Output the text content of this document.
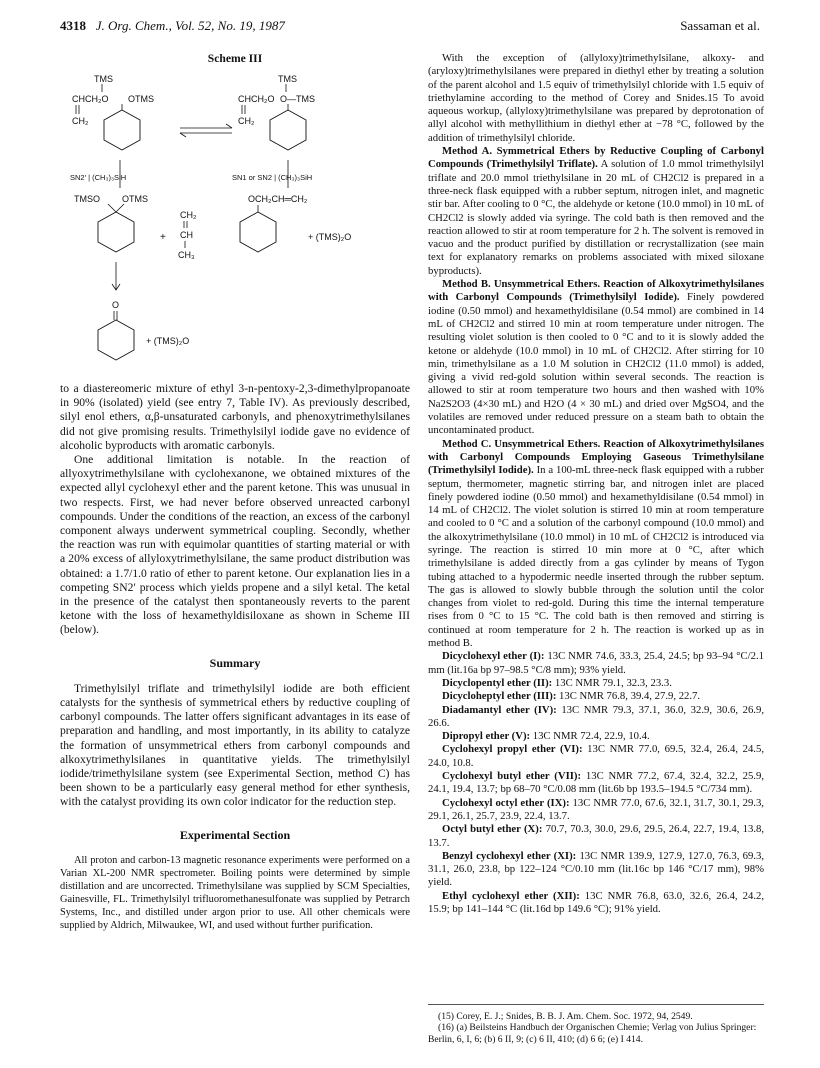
4318 J. Org. Chem., Vol. 52, No. 19, 1987	Sassaman et al.
Scheme III
TMS
CHCH₂O OTMS
CH₂
TMS
CHCH₂O O—TMS
CH₂
SN2′ | (CH₃)₃SiH	SN1 or SN2 | (CH₃)₃SiH
TMSO OTMS
CH₂
+ CH
CH₃
OCH₂CH═CH₂
+ (TMS)₂O
O
+ (TMS)₂O

to a diastereomeric mixture of ethyl 3-n-pentoxy-2,3-dimethylpropanoate in 90% (isolated) yield (see entry 7, Table IV). As previously described, silyl enol ethers, α,β-unsaturated carbonyls, and phenoxytrimethylsilanes did not give promising results. Trimethylsilyl iodide gave no evidence of alcoholic byproducts with aromatic carbonyls.

One additional limitation is notable. In the reaction of allyoxytrimethylsilane with cyclohexanone, we obtained mixtures of the expected allyl cyclohexyl ether and the parent ketone. This was unusual in two respects. First, we had never before observed unreacted carbonyl compounds. Under the conditions of the reaction, an excess of the carbonyl component always underwent symmetrical coupling. Secondly, whether the reaction was run with equimolar quantities of starting material or with a 20% excess of allyloxytrimethylsilane, the same product distribution was obtained: a 1.7/1.0 ratio of ether to parent ketone. Our explanation lies in a competing SN2′ process which yields propene and a silyl ketal. The ketal in the presence of the catalyst then spontaneously reverts to the parent ketone with the loss of hexamethyldisiloxane as shown in Scheme III (below).

Summary

Trimethylsilyl triflate and trimethylsilyl iodide are both efficient catalysts for the synthesis of symmetrical ethers by reductive coupling of carbonyl compounds. The latter offers significant advantages in its ease of preparation and handling, and most importantly, in its ability to catalyze the formation of unsymmetrical ethers from carbonyl compounds and alkoxytrimethylsilanes in quantitative yields. The trimethylsilyl iodide/trimethylsilane system (see Experimental Section, method C) has been shown to be a particularly easy general method for ether synthesis, with the catalyst providing its own color indicator for the reduction step.

Experimental Section

All proton and carbon-13 magnetic resonance experiments were performed on a Varian XL-200 NMR spectrometer. Boiling points were determined by simple distillation and are uncorrected. Trimethylsilane was supplied by SCM Specialties, Gainesville, FL. Trimethylsilyl trifluoromethanesulfonate was supplied by Petrarch Systems, Inc., and distilled under argon prior to use. All other chemicals were supplied by Aldrich, Milwaukee, WI, and used without further purification.

With the exception of (allyloxy)trimethylsilane, alkoxy- and (aryloxy)trimethylsilanes were prepared in diethyl ether by treating a solution of the parent alcohol and 1.5 equiv of trimethylsilyl chloride with 1.5 equiv of triethylamine according to the method of Corey and Snides.15 To avoid aqueous workup, (allyloxy)trimethylsilane was prepared by deprotonation of allyl alcohol with methyllithium in diethyl ether at −78 °C, followed by the addition of trimethylsilyl chloride.

Method A. Symmetrical Ethers by Reductive Coupling of Carbonyl Compounds (Trimethylsilyl Triflate). A solution of 1.0 mmol trimethylsilyl triflate and 20.0 mmol triethylsilane in 20 mL of CH2Cl2 is prepared in a three-neck flask equipped with a rubber septum, nitrogen inlet, and magnetic stir bar. After cooling to 0 °C, the aldehyde or ketone (10.0 mmol) in 10 mL of CH2Cl2 is slowly added via syringe. The cold bath is then removed and the reaction allowed to stir at room temperature for 2 h. The solvent is removed in vacuo and the product purified by distillation or recrystallization (see main text for explanatory remarks on problems associated with mixed siloxane byproducts).

Method B. Unsymmetrical Ethers. Reaction of Alkoxytrimethylsilanes with Carbonyl Compounds (Trimethylsilyl Iodide). Finely powdered iodine (0.50 mmol) and hexamethyldisilane (0.54 mmol) are combined in 14 mL of CH2Cl2 and stirred 10 min at room temperature under nitrogen. The resulting violet solution is then cooled to 0 °C and to it is slowly added the ketone or aldehyde (10.0 mmol) in 10 mL of CH2Cl2. After stirring for 10 min, trimethylsilane as a 1.0 M solution in CH2Cl2 (11.0 mmol) is added, giving a vivid red-gold solution within several seconds. The reaction is allowed to stir at room temperature two hours and then washed with 10% Na2S2O3 (4×30 mL) and H2O (4 × 30 mL) and dried over MgSO4, and the volatiles are removed under reduced pressure on a steam bath to obtain the uncontaminated product.

Method C. Unsymmetrical Ethers. Reaction of Alkoxytrimethylsilanes with Carbonyl Compounds Employing Gaseous Trimethylsilane (Trimethylsilyl Iodide). In a 100-mL three-neck flask equipped with a rubber septum, thermometer, magnetic stirring bar, and nitrogen inlet are placed finely powdered iodine (0.50 mmol) and hexamethyldisilane (0.54 mmol) in 14 mL of CH2Cl2. The violet solution is stirred 10 min at room temperature and cooled to 0 °C and a solution of the carbonyl compound (10.0 mmol) and the alkoxytrimethylsilane (10.0 mmol) in 10 mL of CH2Cl2 is introduced via syringe. The reaction is stirred 10 min more at 0 °C, after which trimethylsilane is added directly from a gas cylinder by means of Tygon tubing attached to a hypodermic needle inserted through the rubber septum. The gas is allowed to slowly bubble through the solution until the color changes from violet to red-gold. During this time the internal temperature rises from 0 °C to 15 °C. The cold bath is then removed and stirring is continued at room temperature for 2 h. The reaction is worked up as in method B.

Dicyclohexyl ether (I): 13C NMR 74.6, 33.3, 25.4, 24.5; bp 93–94 °C/2.1 mm (lit.16a bp 97–98.5 °C/8 mm); 93% yield.

Dicyclopentyl ether (II): 13C NMR 79.1, 32.3, 23.3.

Dicycloheptyl ether (III): 13C NMR 76.8, 39.4, 27.9, 22.7.

Diadamantyl ether (IV): 13C NMR 79.3, 37.1, 36.0, 32.9, 30.6, 26.9, 26.6.

Dipropyl ether (V): 13C NMR 72.4, 22.9, 10.4.

Cyclohexyl propyl ether (VI): 13C NMR 77.0, 69.5, 32.4, 26.4, 24.5, 24.0, 10.8.

Cyclohexyl butyl ether (VII): 13C NMR 77.2, 67.4, 32.4, 32.2, 25.9, 24.1, 19.4, 13.7; bp 68–70 °C/0.08 mm (lit.6b bp 193.5–194.5 °C/734 mm).

Cyclohexyl octyl ether (IX): 13C NMR 77.0, 67.6, 32.1, 31.7, 30.1, 29.3, 29.1, 26.1, 25.7, 23.9, 22.4, 13.7.

Octyl butyl ether (X): 70.7, 70.3, 30.0, 29.6, 29.5, 26.4, 22.7, 19.4, 13.8, 13.7.

Benzyl cyclohexyl ether (XI): 13C NMR 139.9, 127.9, 127.0, 76.3, 69.3, 31.1, 26.0, 23.8, bp 122–124 °C/0.10 mm (lit.16c bp 146 °C/17 mm), 98% yield.

Ethyl cyclohexyl ether (XII): 13C NMR 76.8, 63.0, 32.6, 26.4, 24.2, 15.9; bp 141–144 °C (lit.16d bp 149.6 °C); 91% yield.

(15) Corey, E. J.; Snides, B. B. J. Am. Chem. Soc. 1972, 94, 2549.

(16) (a) Beilsteins Handbuch der Organischen Chemie; Verlag von Julius Springer: Berlin, 6, I, 6; (b) 6 II, 9; (c) 6 II, 410; (d) 6 6; (e) I 414.
